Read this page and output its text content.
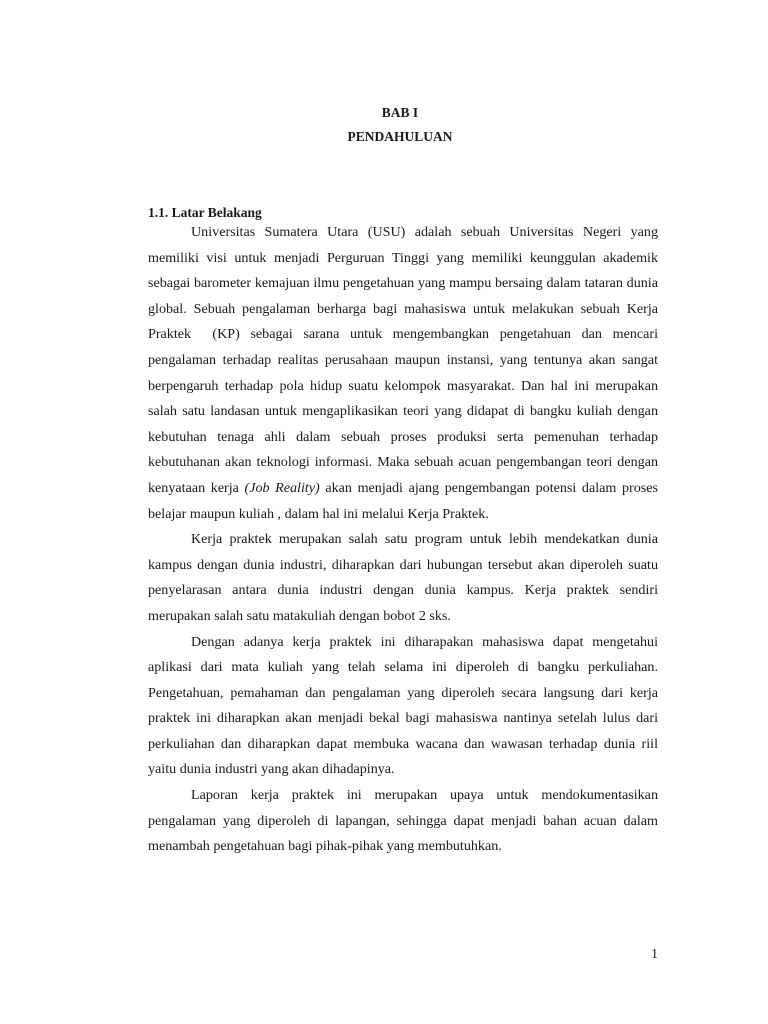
BAB I
PENDAHULUAN
1.1. Latar Belakang

Universitas Sumatera Utara (USU) adalah sebuah Universitas Negeri yang memiliki visi untuk menjadi Perguruan Tinggi yang memiliki keunggulan akademik sebagai barometer kemajuan ilmu pengetahuan yang mampu bersaing dalam tataran dunia global. Sebuah pengalaman berharga bagi mahasiswa untuk melakukan sebuah Kerja Praktek  (KP) sebagai sarana untuk mengembangkan pengetahuan dan mencari pengalaman terhadap realitas perusahaan maupun instansi, yang tentunya akan sangat berpengaruh terhadap pola hidup suatu kelompok masyarakat. Dan hal ini merupakan salah satu landasan untuk mengaplikasikan teori yang didapat di bangku kuliah dengan kebutuhan tenaga ahli dalam sebuah proses produksi serta pemenuhan terhadap kebutuhanan akan teknologi informasi. Maka sebuah acuan pengembangan teori dengan kenyataan kerja (Job Reality) akan menjadi ajang pengembangan potensi dalam proses belajar maupun kuliah , dalam hal ini melalui Kerja Praktek.

Kerja praktek merupakan salah satu program untuk lebih mendekatkan dunia kampus dengan dunia industri, diharapkan dari hubungan tersebut akan diperoleh suatu penyelarasan antara dunia industri dengan dunia kampus. Kerja praktek sendiri merupakan salah satu matakuliah dengan bobot 2 sks.

Dengan adanya kerja praktek ini diharapakan mahasiswa dapat mengetahui aplikasi dari mata kuliah yang telah selama ini diperoleh di bangku perkuliahan. Pengetahuan, pemahaman dan pengalaman yang diperoleh secara langsung dari kerja praktek ini diharapkan akan menjadi bekal bagi mahasiswa nantinya setelah lulus dari perkuliahan dan diharapkan dapat membuka wacana dan wawasan terhadap dunia riil yaitu dunia industri yang akan dihadapinya.

Laporan kerja praktek ini merupakan upaya untuk mendokumentasikan pengalaman yang diperoleh di lapangan, sehingga dapat menjadi bahan acuan dalam menambah pengetahuan bagi pihak-pihak yang membutuhkan.

1
